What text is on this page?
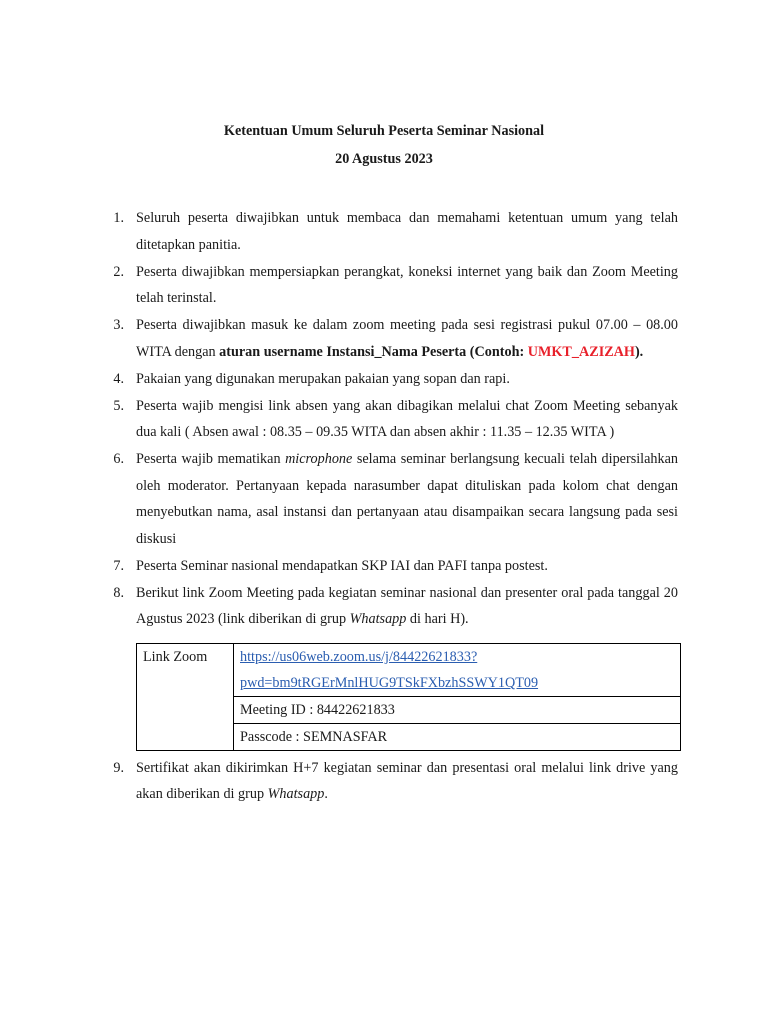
Ketentuan Umum Seluruh Peserta Seminar Nasional
20 Agustus 2023
1. Seluruh peserta diwajibkan untuk membaca dan memahami ketentuan umum yang telah ditetapkan panitia.
2. Peserta diwajibkan mempersiapkan perangkat, koneksi internet yang baik dan Zoom Meeting telah terinstal.
3. Peserta diwajibkan masuk ke dalam zoom meeting pada sesi registrasi pukul 07.00 – 08.00 WITA dengan aturan username Instansi_Nama Peserta (Contoh: UMKT_AZIZAH).
4. Pakaian yang digunakan merupakan pakaian yang sopan dan rapi.
5. Peserta wajib mengisi link absen yang akan dibagikan melalui chat Zoom Meeting sebanyak dua kali ( Absen awal : 08.35 – 09.35 WITA dan absen akhir : 11.35 – 12.35 WITA )
6. Peserta wajib mematikan microphone selama seminar berlangsung kecuali telah dipersilahkan oleh moderator. Pertanyaan kepada narasumber dapat dituliskan pada kolom chat dengan menyebutkan nama, asal instansi dan pertanyaan atau disampaikan secara langsung pada sesi diskusi
7. Peserta Seminar nasional mendapatkan SKP IAI dan PAFI tanpa postest.
8. Berikut link Zoom Meeting pada kegiatan seminar nasional dan presenter oral pada tanggal 20 Agustus 2023 (link diberikan di grup Whatsapp di hari H).
Link Zoom	https://us06web.zoom.us/j/84422621833?
pwd=bm9tRGErMnlHUG9TSkFXbzhSSWY1QT09
Meeting ID : 84422621833
Passcode : SEMNASFAR
9. Sertifikat akan dikirimkan H+7 kegiatan seminar dan presentasi oral melalui link drive yang akan diberikan di grup Whatsapp.
